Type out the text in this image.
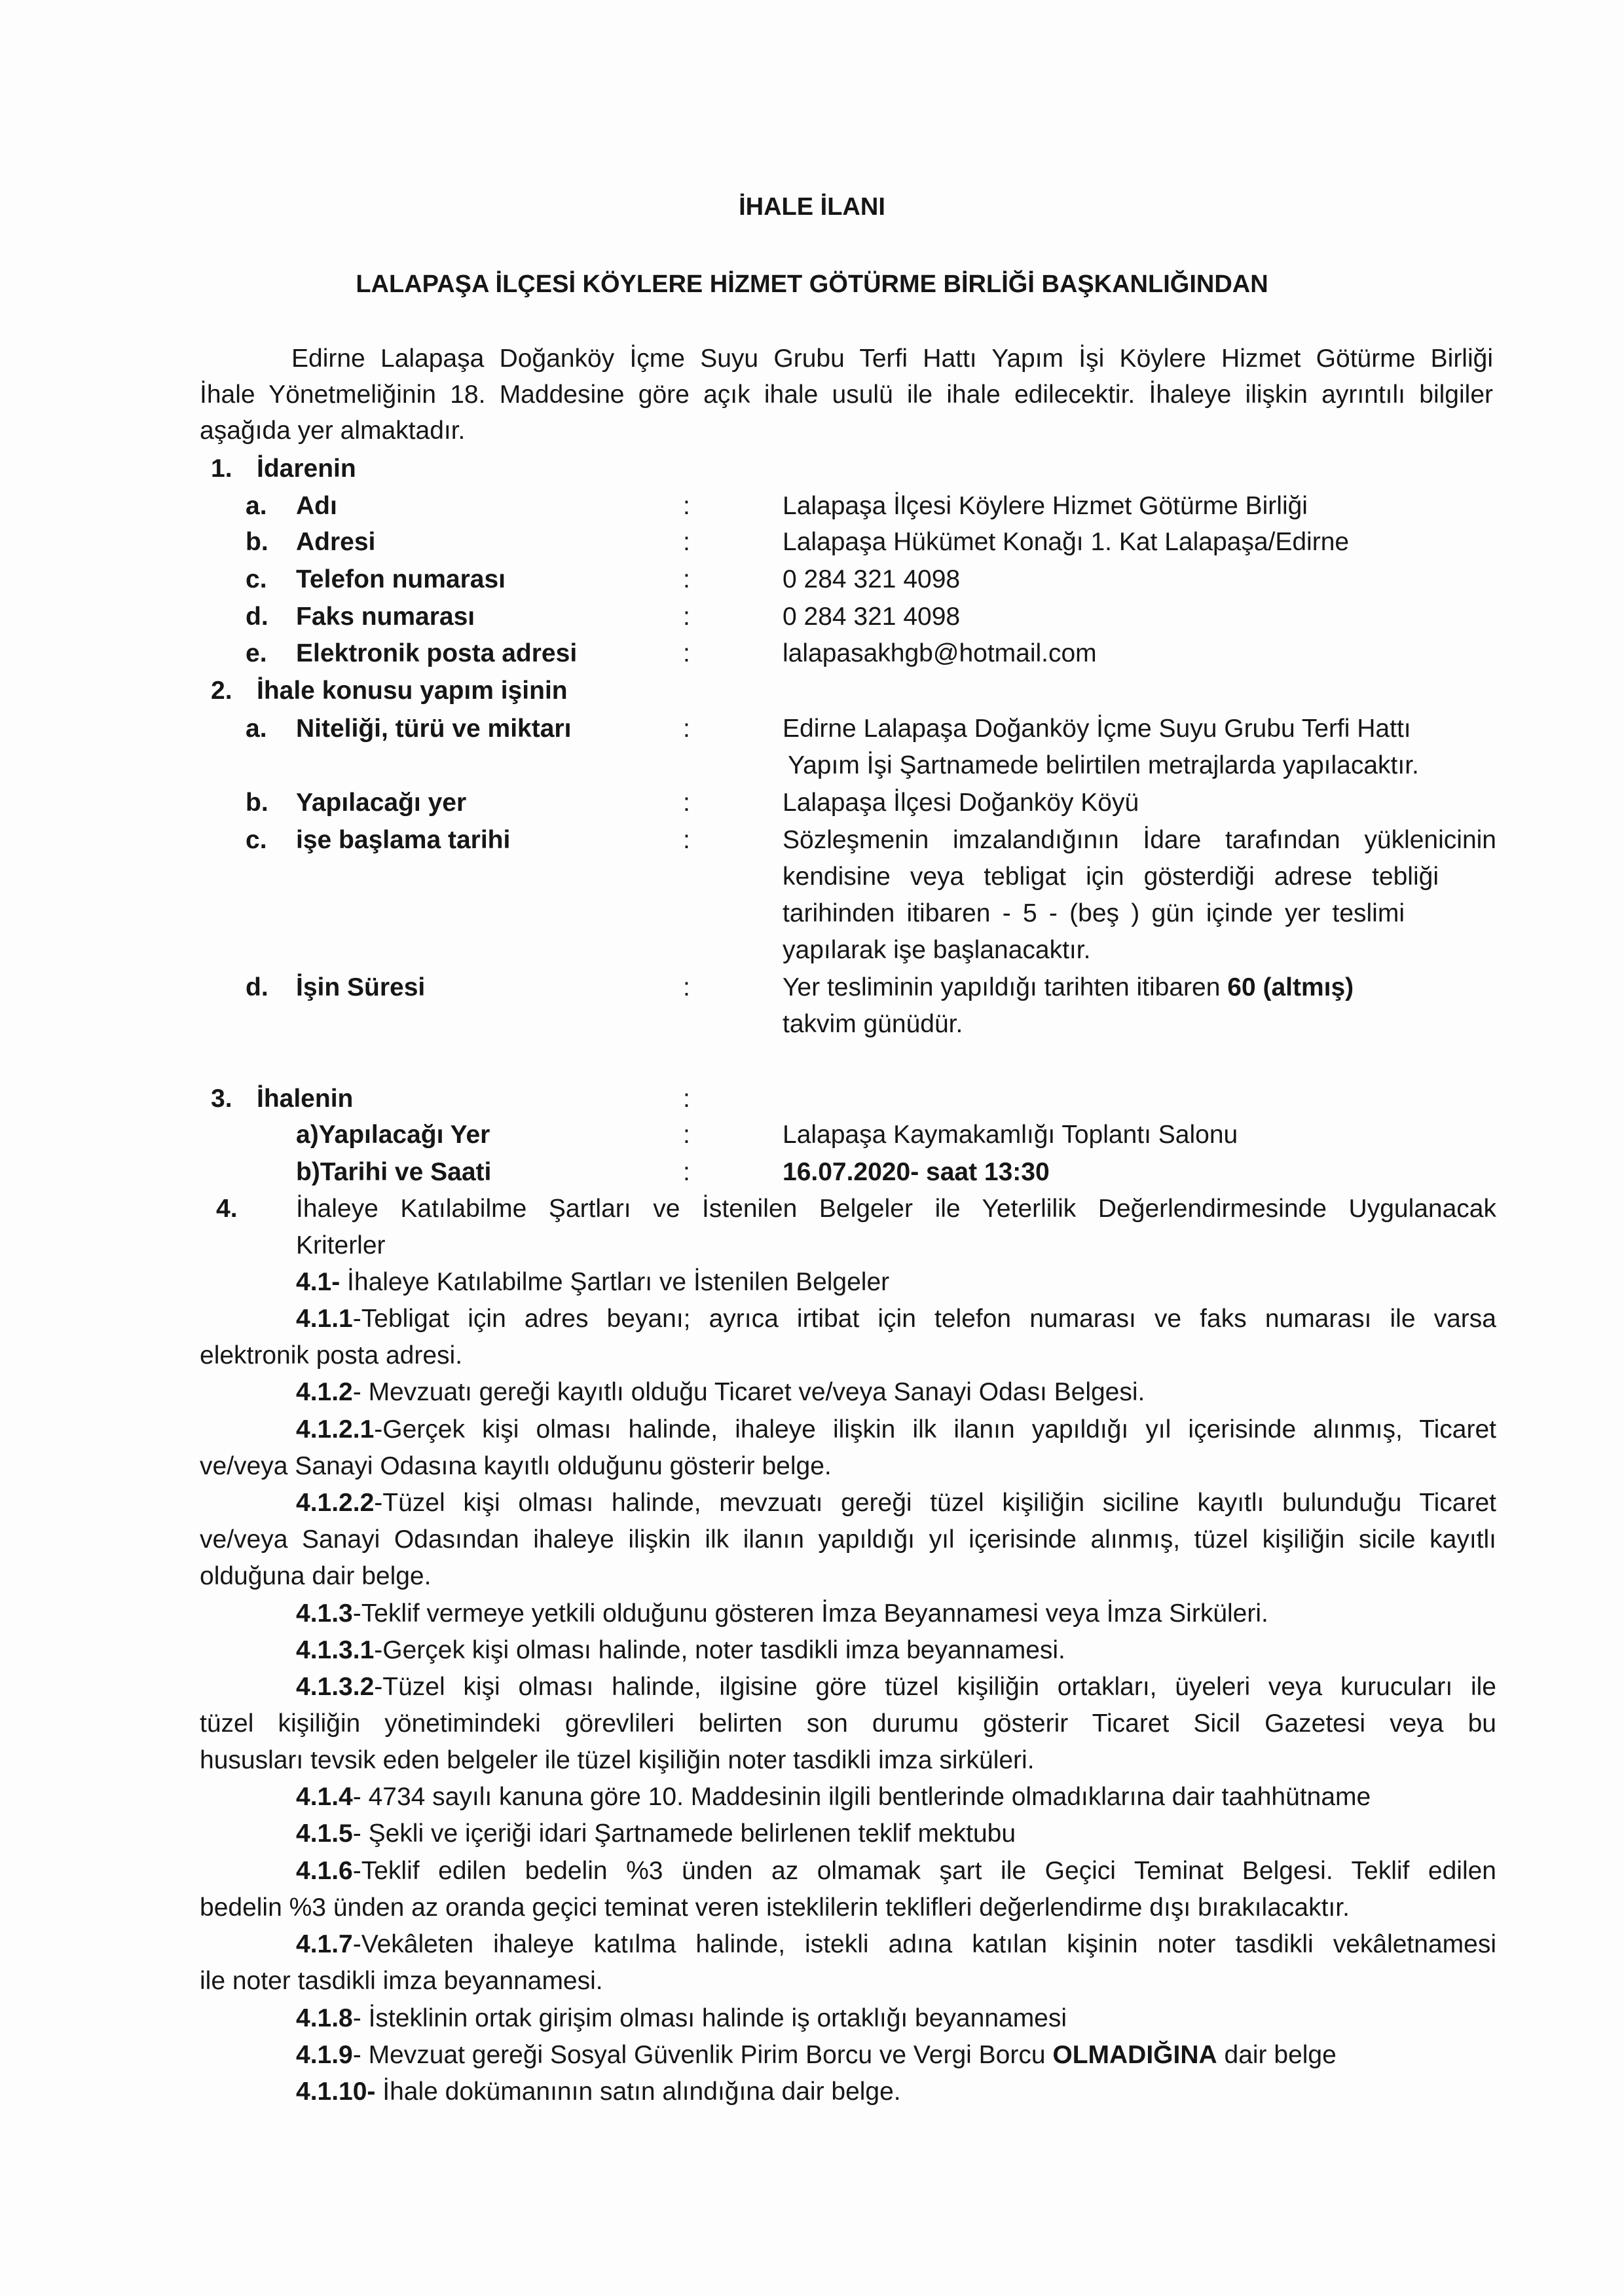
İHALE İLANI
LALAPAŞA İLÇESİ KÖYLERE HİZMET GÖTÜRME BİRLİĞİ BAŞKANLIĞINDAN
Edirne Lalapaşa Doğanköy İçme Suyu Grubu Terfi Hattı Yapım İşi Köylere Hizmet Götürme Birliği
İhale Yönetmeliğinin 18. Maddesine göre açık ihale usulü ile ihale edilecektir. İhaleye ilişkin ayrıntılı bilgiler
aşağıda yer almaktadır.
1. İdarenin
a. Adı	:	Lalapaşa İlçesi Köylere Hizmet Götürme Birliği
b. Adresi	:	Lalapaşa Hükümet Konağı 1. Kat Lalapaşa/Edirne
c. Telefon numarası	:	0 284 321 4098
d. Faks numarası	:	0 284 321 4098
e. Elektronik posta adresi	:	lalapasakhgb@hotmail.com
2. İhale konusu yapım işinin
a. Niteliği, türü ve miktarı	:	Edirne Lalapaşa Doğanköy İçme Suyu Grubu Terfi Hattı
Yapım İşi Şartnamede belirtilen metrajlarda yapılacaktır.
b. Yapılacağı yer	:	Lalapaşa İlçesi Doğanköy Köyü
c. işe başlama tarihi	:	Sözleşmenin imzalandığının İdare tarafından yüklenicinin
kendisine veya tebligat için gösterdiği adrese tebliği
tarihinden itibaren - 5 - (beş ) gün içinde yer teslimi
yapılarak işe başlanacaktır.
d. İşin Süresi	:	Yer tesliminin yapıldığı tarihten itibaren 60 (altmış)
takvim günüdür.
3. İhalenin	:
a)Yapılacağı Yer	:	Lalapaşa Kaymakamlığı Toplantı Salonu
b)Tarihi ve Saati	:	16.07.2020- saat 13:30
4. İhaleye Katılabilme Şartları ve İstenilen Belgeler ile Yeterlilik Değerlendirmesinde Uygulanacak
Kriterler
4.1- İhaleye Katılabilme Şartları ve İstenilen Belgeler
4.1.1-Tebligat için adres beyanı; ayrıca irtibat için telefon numarası ve faks numarası ile varsa
elektronik posta adresi.
4.1.2- Mevzuatı gereği kayıtlı olduğu Ticaret ve/veya Sanayi Odası Belgesi.
4.1.2.1-Gerçek kişi olması halinde, ihaleye ilişkin ilk ilanın yapıldığı yıl içerisinde alınmış, Ticaret
ve/veya Sanayi Odasına kayıtlı olduğunu gösterir belge.
4.1.2.2-Tüzel kişi olması halinde, mevzuatı gereği tüzel kişiliğin siciline kayıtlı bulunduğu Ticaret
ve/veya Sanayi Odasından ihaleye ilişkin ilk ilanın yapıldığı yıl içerisinde alınmış, tüzel kişiliğin sicile kayıtlı
olduğuna dair belge.
4.1.3-Teklif vermeye yetkili olduğunu gösteren İmza Beyannamesi veya İmza Sirküleri.
4.1.3.1-Gerçek kişi olması halinde, noter tasdikli imza beyannamesi.
4.1.3.2-Tüzel kişi olması halinde, ilgisine göre tüzel kişiliğin ortakları, üyeleri veya kurucuları ile
tüzel kişiliğin yönetimindeki görevlileri belirten son durumu gösterir Ticaret Sicil Gazetesi veya bu
hususları tevsik eden belgeler ile tüzel kişiliğin noter tasdikli imza sirküleri.
4.1.4- 4734 sayılı kanuna göre 10. Maddesinin ilgili bentlerinde olmadıklarına dair taahhütname
4.1.5- Şekli ve içeriği idari Şartnamede belirlenen teklif mektubu
4.1.6-Teklif edilen bedelin %3 ünden az olmamak şart ile Geçici Teminat Belgesi. Teklif edilen
bedelin %3 ünden az oranda geçici teminat veren isteklilerin teklifleri değerlendirme dışı bırakılacaktır.
4.1.7-Vekâleten ihaleye katılma halinde, istekli adına katılan kişinin noter tasdikli vekâletnamesi
ile noter tasdikli imza beyannamesi.
4.1.8- İsteklinin ortak girişim olması halinde iş ortaklığı beyannamesi
4.1.9- Mevzuat gereği Sosyal Güvenlik Pirim Borcu ve Vergi Borcu OLMADIĞINA dair belge
4.1.10- İhale dokümanının satın alındığına dair belge.
